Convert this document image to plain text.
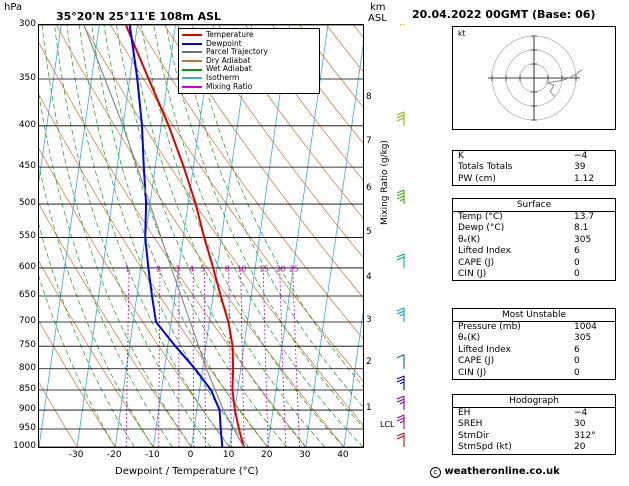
hPa
35°20'N 25°11'E 108m ASL
km
ASL 20.04.2022 00GMT (Base: 06)
1	2 3 4 5	8 10 15 20 25
Temperature
Dewpoint
Parcel Trajectory
Dry Adiabat
Wet Adiabat
Isotherm
Mixing Ratio
Dewpoint / Temperature (°C)
1
2
3
4
5
6
7
8
Mixing Ratio (g/kg)
LCL
kt
K	−4
Totals Totals	39
PW (cm)	1.12
Surface
Temp (°C)	13.7
Dewp (°C)	8.1
θₑ(K)	305
Lifted Index	6
CAPE (J)	0
CIN (J)	0
Most Unstable
Pressure (mb)	1004
θₑ(K)	305
Lifted Index	6
CAPE (J)	0
CIN (J)	0
Hodograph
EH	−4
SREH	30
StmDir	312°
StmSpd (kt)	20
c weatheronline.co.uk
300
350
400
450
500
550
600
650
700
750
800
850
900
950
1000
-30	-20	-10	0	10	20	30	40
